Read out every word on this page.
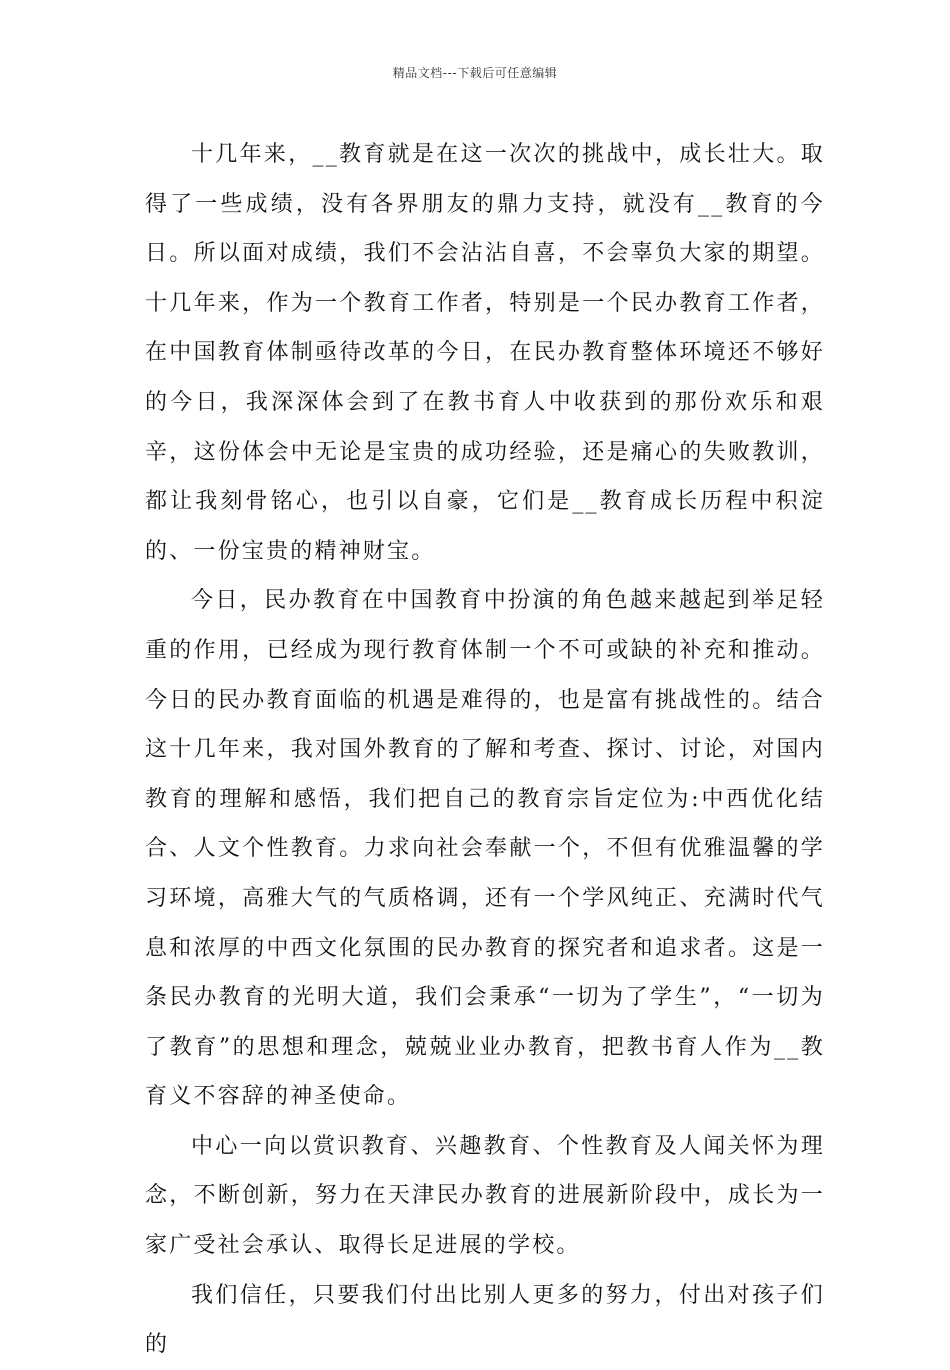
精品文档---下载后可任意编辑

十几年来，__教育就是在这一次次的挑战中，成长壮大。取得了一些成绩，没有各界朋友的鼎力支持，就没有__教育的今日。所以面对成绩，我们不会沾沾自喜，不会辜负大家的期望。十几年来，作为一个教育工作者，特别是一个民办教育工作者，在中国教育体制亟待改革的今日，在民办教育整体环境还不够好的今日，我深深体会到了在教书育人中收获到的那份欢乐和艰辛，这份体会中无论是宝贵的成功经验，还是痛心的失败教训，都让我刻骨铭心，也引以自豪，它们是__教育成长历程中积淀的、一份宝贵的精神财宝。

今日，民办教育在中国教育中扮演的角色越来越起到举足轻重的作用，已经成为现行教育体制一个不可或缺的补充和推动。今日的民办教育面临的机遇是难得的，也是富有挑战性的。结合这十几年来，我对国外教育的了解和考查、探讨、讨论，对国内教育的理解和感悟，我们把自己的教育宗旨定位为:中西优化结合、人文个性教育。力求向社会奉献一个，不但有优雅温馨的学习环境，高雅大气的气质格调，还有一个学风纯正、充满时代气息和浓厚的中西文化氛围的民办教育的探究者和追求者。这是一条民办教育的光明大道，我们会秉承“一切为了学生”，“一切为了教育”的思想和理念，兢兢业业办教育，把教书育人作为__教育义不容辞的神圣使命。

中心一向以赏识教育、兴趣教育、个性教育及人闻关怀为理念，不断创新，努力在天津民办教育的进展新阶段中，成长为一家广受社会承认、取得长足进展的学校。

我们信任，只要我们付出比别人更多的努力，付出对孩子们的
